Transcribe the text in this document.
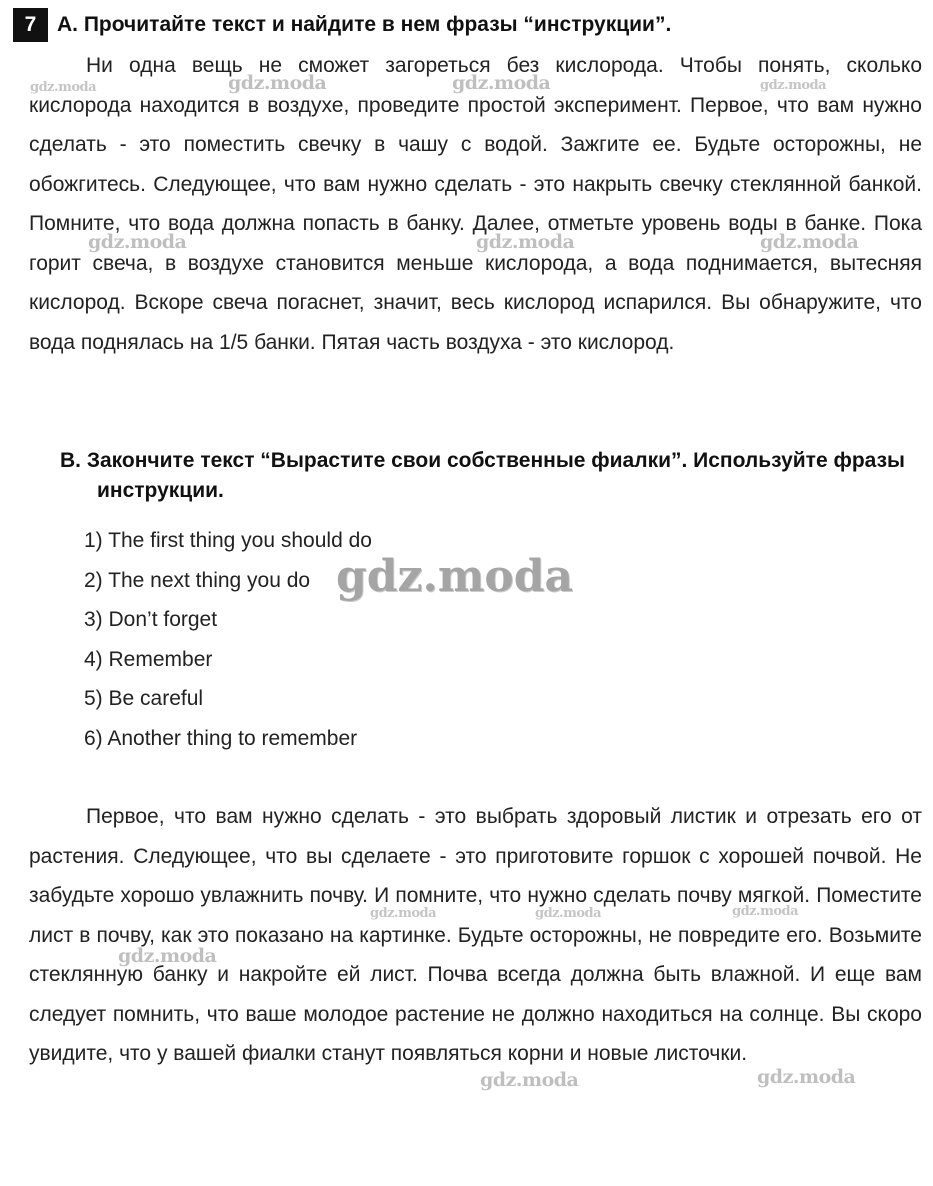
7 A. Прочитайте текст и найдите в нем фразы “инструкции”.
Ни одна вещь не сможет загореться без кислорода. Чтобы понять, сколько кислорода находится в воздухе, проведите простой эксперимент. Первое, что вам нужно сделать - это поместить свечку в чашу с водой. Зажгите ее. Будьте осторожны, не обожгитесь. Следующее, что вам нужно сделать - это накрыть свечку стеклянной банкой. Помните, что вода должна попасть в банку. Далее, отметьте уровень воды в банке. Пока горит свеча, в воздухе становится меньше кислорода, а вода поднимается, вытесняя кислород. Вскоре свеча погаснет, значит, весь кислород испарился. Вы обнаружите, что вода поднялась на 1/5 банки. Пятая часть воздуха - это кислород.
B. Закончите текст “Вырастите свои собственные фиалки”. Используйте фразы инструкции.
1) The first thing you should do
2) The next thing you do
3) Don’t forget
4) Remember
5) Be careful
6) Another thing to remember
Первое, что вам нужно сделать - это выбрать здоровый листик и отрезать его от растения. Следующее, что вы сделаете - это приготовите горшок с хорошей почвой. Не забудьте хорошо увлажнить почву. И помните, что нужно сделать почву мягкой. Поместите лист в почву, как это показано на картинке. Будьте осторожны, не повредите его. Возьмите стеклянную банку и накройте ей лист. Почва всегда должна быть влажной. И еще вам следует помнить, что ваше молодое растение не должно находиться на солнце. Вы скоро увидите, что у вашей фиалки станут появляться корни и новые листочки.
gdz.moda	gdz.moda	gdz.moda	gdz.moda
gdz.moda	gdz.moda	gdz.moda
gdz.moda
gdz.moda	gdz.moda	gdz.moda
gdz.moda
gdz.moda	gdz.moda
